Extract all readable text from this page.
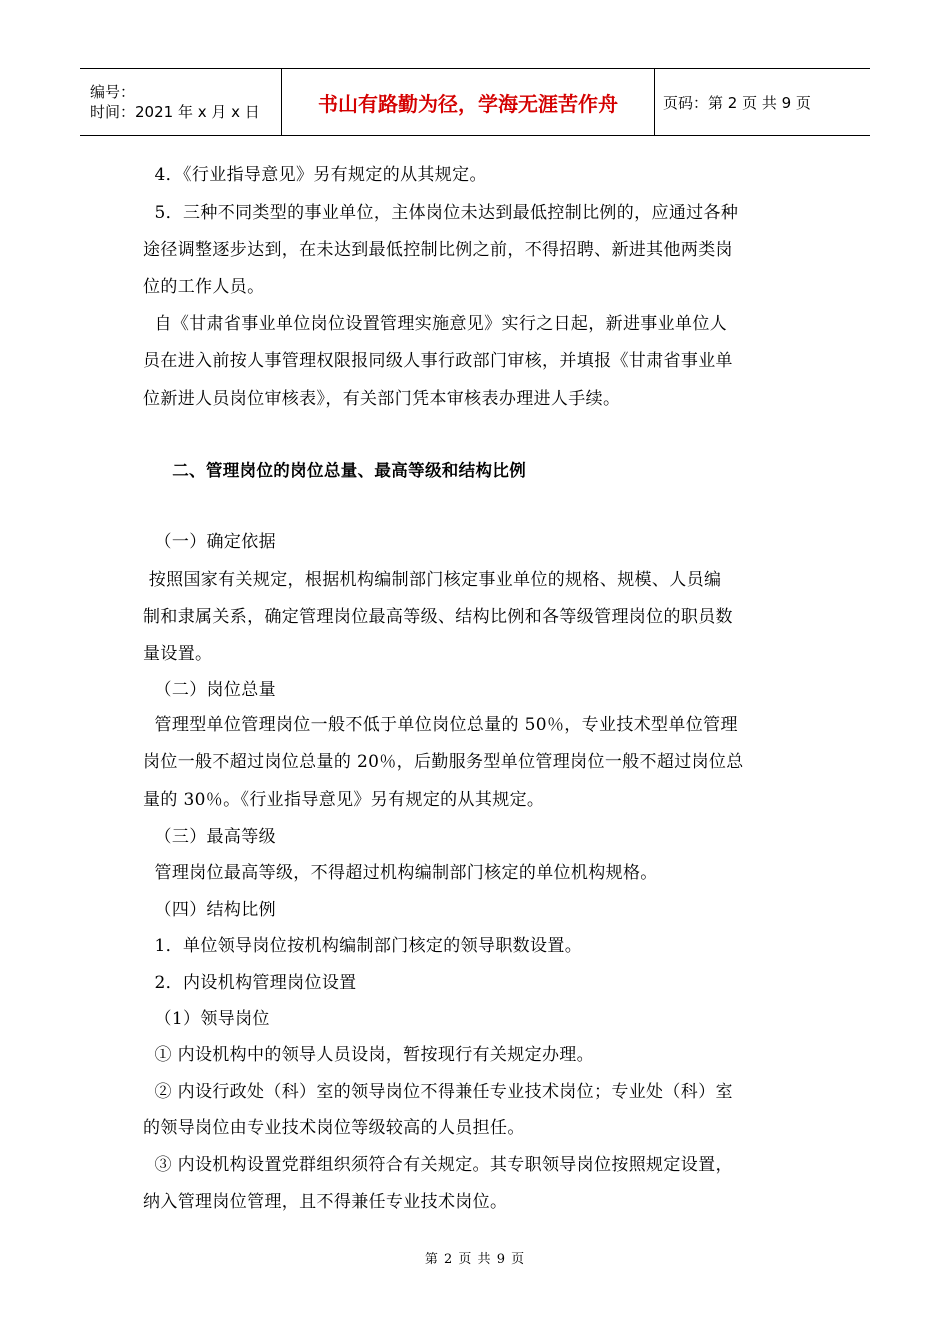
编号：
时间：2021 年 x 月 x 日	书山有路勤为径，学海无涯苦作舟	页码：第 2 页 共 9 页
4．《行业指导意见》另有规定的从其规定。
5．三种不同类型的事业单位，主体岗位未达到最低控制比例的，应通过各种
途径调整逐步达到，在未达到最低控制比例之前，不得招聘、新进其他两类岗
位的工作人员。
自《甘肃省事业单位岗位设置管理实施意见》实行之日起，新进事业单位人
员在进入前按人事管理权限报同级人事行政部门审核，并填报《甘肃省事业单
位新进人员岗位审核表》，有关部门凭本审核表办理进人手续。
二、管理岗位的岗位总量、最高等级和结构比例
（一）确定依据
按照国家有关规定，根据机构编制部门核定事业单位的规格、规模、人员编
制和隶属关系，确定管理岗位最高等级、结构比例和各等级管理岗位的职员数
量设置。
（二）岗位总量
管理型单位管理岗位一般不低于单位岗位总量的 50％，专业技术型单位管理
岗位一般不超过岗位总量的 20％，后勤服务型单位管理岗位一般不超过岗位总
量的 30％。《行业指导意见》另有规定的从其规定。
（三）最高等级
管理岗位最高等级，不得超过机构编制部门核定的单位机构规格。
（四）结构比例
1．单位领导岗位按机构编制部门核定的领导职数设置。
2．内设机构管理岗位设置
（1）领导岗位
① 内设机构中的领导人员设岗，暂按现行有关规定办理。
② 内设行政处（科）室的领导岗位不得兼任专业技术岗位；专业处（科）室
的领导岗位由专业技术岗位等级较高的人员担任。
③ 内设机构设置党群组织须符合有关规定。其专职领导岗位按照规定设置，
纳入管理岗位管理，且不得兼任专业技术岗位。
第 2 页 共 9 页
